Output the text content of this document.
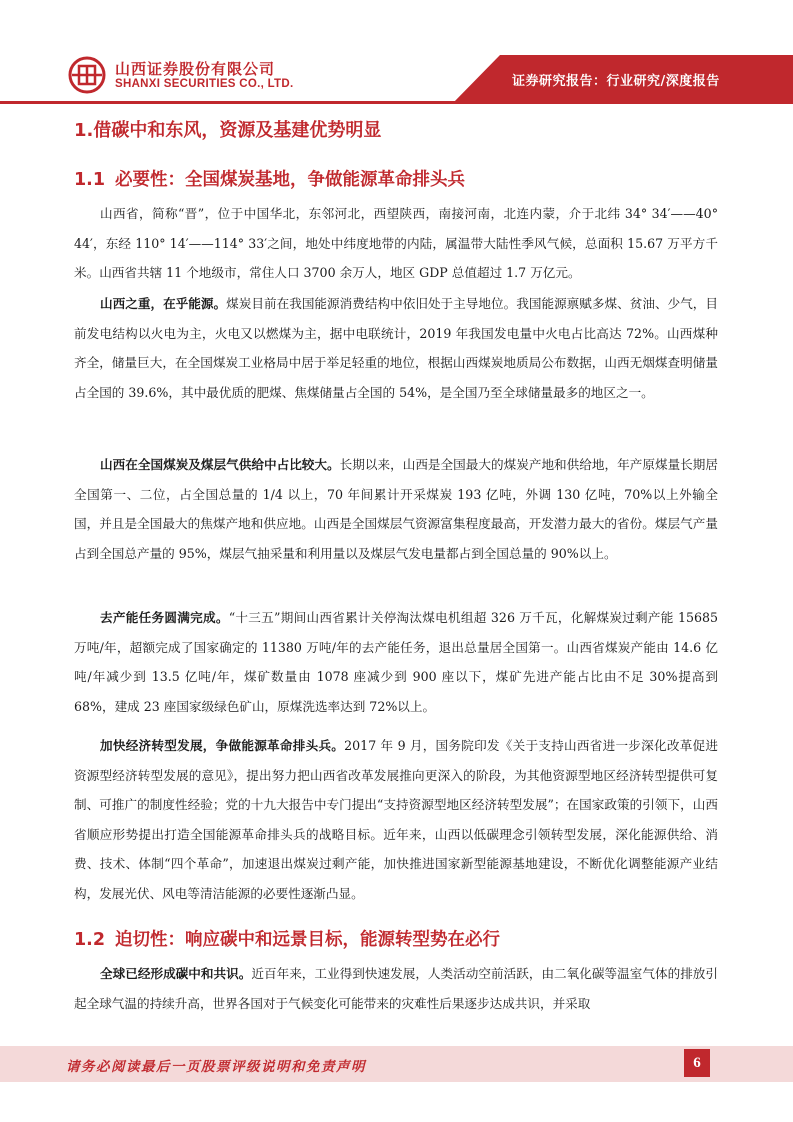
山西证券股份有限公司
SHANXI SECURITIES CO., LTD.	证券研究报告：行业研究/深度报告
1.借碳中和东风，资源及基建优势明显
1.1 必要性：全国煤炭基地，争做能源革命排头兵

山西省，简称“晋”，位于中国华北，东邻河北，西望陕西，南接河南，北连内蒙，介于北纬 34° 34′——40° 44′，东经 110° 14′——114° 33′之间，地处中纬度地带的内陆，属温带大陆性季风气候，总面积 15.67 万平方千米。山西省共辖 11 个地级市，常住人口 3700 余万人，地区 GDP 总值超过 1.7 万亿元。

山西之重，在乎能源。煤炭目前在我国能源消费结构中依旧处于主导地位。我国能源禀赋多煤、贫油、少气，目前发电结构以火电为主，火电又以燃煤为主，据中电联统计，2019 年我国发电量中火电占比高达 72%。山西煤种齐全，储量巨大，在全国煤炭工业格局中居于举足轻重的地位，根据山西煤炭地质局公布数据，山西无烟煤查明储量占全国的 39.6%，其中最优质的肥煤、焦煤储量占全国的 54%，是全国乃至全球储量最多的地区之一。

山西在全国煤炭及煤层气供给中占比较大。长期以来，山西是全国最大的煤炭产地和供给地，年产原煤量长期居全国第一、二位，占全国总量的 1/4 以上，70 年间累计开采煤炭 193 亿吨，外调 130 亿吨，70%以上外输全国，并且是全国最大的焦煤产地和供应地。山西是全国煤层气资源富集程度最高，开发潜力最大的省份。煤层气产量占到全国总产量的 95%，煤层气抽采量和利用量以及煤层气发电量都占到全国总量的 90%以上。

去产能任务圆满完成。“十三五”期间山西省累计关停淘汰煤电机组超 326 万千瓦，化解煤炭过剩产能 15685 万吨/年，超额完成了国家确定的 11380 万吨/年的去产能任务，退出总量居全国第一。山西省煤炭产能由 14.6 亿吨/年减少到 13.5 亿吨/年，煤矿数量由 1078 座减少到 900 座以下，煤矿先进产能占比由不足 30%提高到 68%，建成 23 座国家级绿色矿山，原煤洗选率达到 72%以上。

加快经济转型发展，争做能源革命排头兵。2017 年 9 月，国务院印发《关于支持山西省进一步深化改革促进资源型经济转型发展的意见》，提出努力把山西省改革发展推向更深入的阶段，为其他资源型地区经济转型提供可复制、可推广的制度性经验；党的十九大报告中专门提出“支持资源型地区经济转型发展”；在国家政策的引领下，山西省顺应形势提出打造全国能源革命排头兵的战略目标。近年来，山西以低碳理念引领转型发展，深化能源供给、消费、技术、体制“四个革命”，加速退出煤炭过剩产能，加快推进国家新型能源基地建设，不断优化调整能源产业结构，发展光伏、风电等清洁能源的必要性逐渐凸显。

1.2 迫切性：响应碳中和远景目标，能源转型势在必行

全球已经形成碳中和共识。近百年来，工业得到快速发展，人类活动空前活跃，由二氧化碳等温室气体的排放引起全球气温的持续升高，世界各国对于气候变化可能带来的灾难性后果逐步达成共识，并采取

请务必阅读最后一页股票评级说明和免责声明	6
